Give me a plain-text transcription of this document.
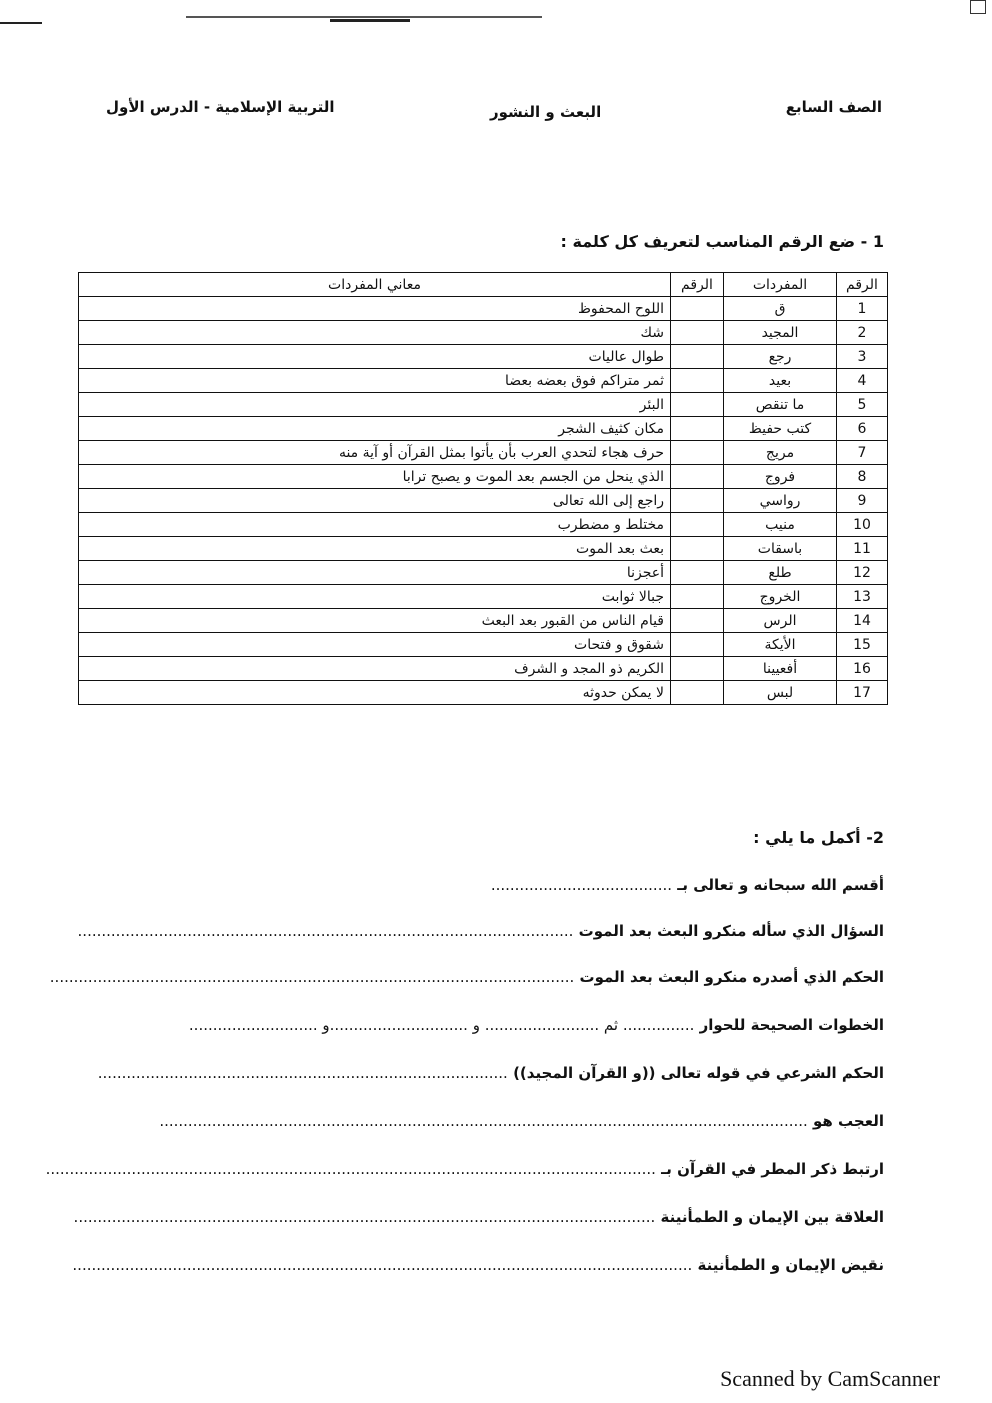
الصف السابع
البعث و النشور
التربية الإسلامية - الدرس الأول
1 - ضع الرقم المناسب لتعريف كل كلمة :
الرقم	المفردات	الرقم	معاني المفردات
1	ق		اللوح المحفوظ
2	المجيد		شك
3	رجع		طوال عاليات
4	بعيد		ثمر متراكم فوق بعضه بعضا
5	ما تنقص		البئر
6	كتب حفيظ		مكان كثيف الشجر
7	مريج		حرف هجاء لتحدي العرب بأن يأتوا بمثل القرآن أو آية منه
8	فروج		الذي ينحل من الجسم بعد الموت و يصبح ترابا
9	رواسي		راجع إلى الله تعالى
10	منيب		مختلط و مضطرب
11	باسقات		بعث بعد الموت
12	طلع		أعجزنا
13	الخروج		جبالا ثوابت
14	الرس		قيام الناس من القبور بعد البعث
15	الأيكة		شقوق و فتحات
16	أفعيينا		الكريم ذو المجد و الشرف
17	لبس		لا يمكن حدوثه
2- أكمل ما يلي :
أقسم الله سبحانه و تعالى بـ ......................................
السؤال الذي سأله منكرو البعث بعد الموت ........................................................................................................
الحكم الذي أصدره منكرو البعث بعد الموت ..............................................................................................................
الخطوات الصحيحة للحوار ............... ثم ........................ و .............................و ...........................
الحكم الشرعي في قوله تعالى ((و القرآن المجيد)) ......................................................................................
العجب هو ........................................................................................................................................
ارتبط ذكر المطر في القرآن بـ ................................................................................................................................
العلاقة بين الإيمان و الطمأنينة ..........................................................................................................................
نقيض الإيمان و الطمأنينة ..................................................................................................................................
Scanned by CamScanner
